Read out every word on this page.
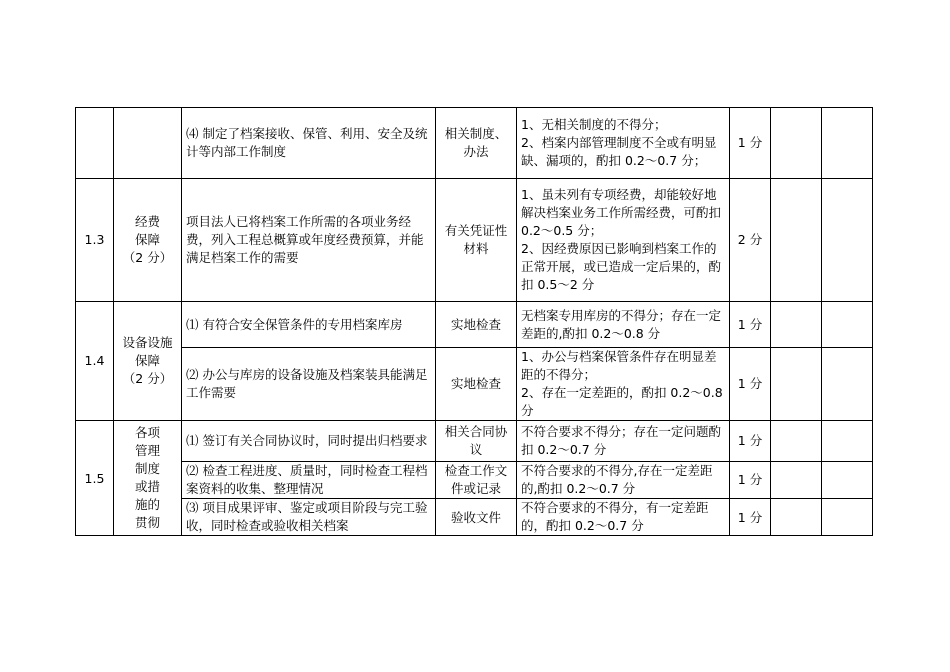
		⑷ 制定了档案接收、保管、利用、安全及统计等内部工作制度	相关制度、办法	1、无相关制度的不得分；
2、档案内部管理制度不全或有明显缺、漏项的，酌扣 0.2～0.7 分；	1 分		
1.3	经费
保障
（2 分）	项目法人已将档案工作所需的各项业务经费，列入工程总概算或年度经费预算，并能满足档案工作的需要	有关凭证性材料	1、虽未列有专项经费，却能较好地解决档案业务工作所需经费，可酌扣 0.2～0.5 分；
2、因经费原因已影响到档案工作的正常开展，或已造成一定后果的，酌扣 0.5～2 分	2 分		
1.4	设备设施
保障
（2 分）	⑴ 有符合安全保管条件的专用档案库房	实地检查	无档案专用库房的不得分；存在一定差距的,酌扣 0.2～0.8 分	1 分		
		⑵ 办公与库房的设备设施及档案装具能满足工作需要	实地检查	1、办公与档案保管条件存在明显差距的不得分；
2、存在一定差距的，酌扣 0.2～0.8 分	1 分		
1.5	各项管理制度或措施的贯彻	⑴ 签订有关合同协议时，同时提出归档要求	相关合同协议	不符合要求不得分；存在一定问题酌扣 0.2～0.7 分	1 分		
		⑵ 检查工程进度、质量时，同时检查工程档案资料的收集、整理情况	检查工作文件或记录	不符合要求的不得分,存在一定差距的,酌扣 0.2～0.7 分	1 分		
		⑶ 项目成果评审、鉴定或项目阶段与完工验收，同时检查或验收相关档案	验收文件	不符合要求的不得分，有一定差距的，酌扣 0.2～0.7 分	1 分		
